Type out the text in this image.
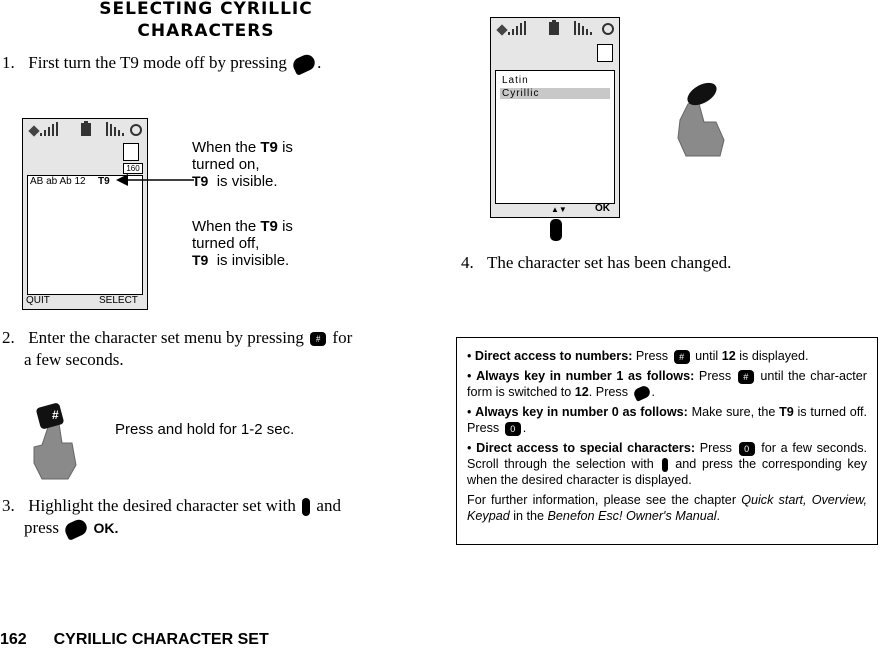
SELECTING CYRILLIC
CHARACTERS
1. First turn the T9 mode off by pressing .
160
AB ab Ab 12 T9
QUIT	SELECT
When the T9 is
turned on,
T9 is visible.
When the T9 is
turned off,
T9 is invisible.
2. Enter the character set menu by pressing # for
a few seconds.
#
Press and hold for 1-2 sec.
3. Highlight the desired character set with and
press OK.
Latin
Cyrillic
▲▼	OK
4. The character set has been changed.
• Direct access to numbers: Press # until 12 is displayed.
• Always key in number 1 as follows: Press # until the char-acter form is switched to 12. Press .
• Always key in number 0 as follows: Make sure, the T9 is turned off. Press 0 .
• Direct access to special characters: Press 0 for a few seconds. Scroll through the selection with and press the corresponding key when the desired character is displayed.
For further information, please see the chapter Quick start, Overview, Keypad in the Benefon Esc! Owner's Manual.
162 CYRILLIC CHARACTER SET
